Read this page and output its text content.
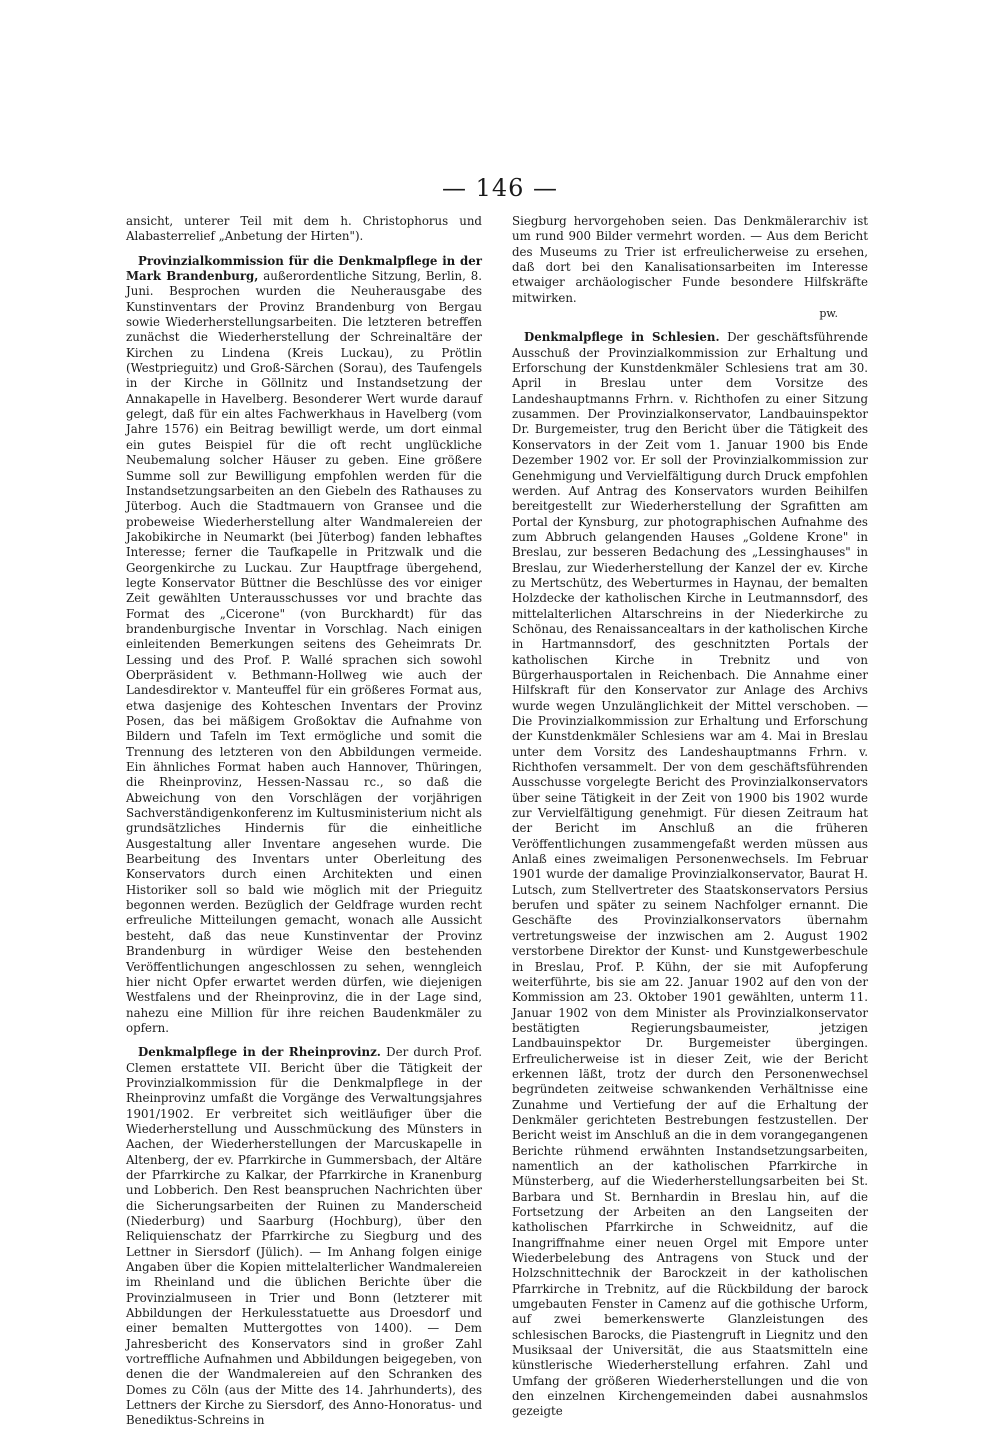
— 146 —

ansicht, unterer Teil mit dem h. Christophorus und Alabasterrelief „Anbetung der Hirten").

Provinzialkommission für die Denkmalpflege in der Mark Brandenburg, außerordentliche Sitzung, Berlin, 8. Juni. Besprochen wurden die Neuherausgabe des Kunstinventars der Provinz Brandenburg von Bergau sowie Wiederherstellungsarbeiten. Die letzteren betreffen zunächst die Wiederherstellung der Schreinaltäre der Kirchen zu Lindena (Kreis Luckau), zu Prötlin (Westprieguitz) und Groß-Särchen (Sorau), des Taufengels in der Kirche in Göllnitz und Instandsetzung der Annakapelle in Havelberg. Besonderer Wert wurde darauf gelegt, daß für ein altes Fachwerkhaus in Havelberg (vom Jahre 1576) ein Beitrag bewilligt werde, um dort einmal ein gutes Beispiel für die oft recht unglückliche Neubemalung solcher Häuser zu geben. Eine größere Summe soll zur Bewilligung empfohlen werden für die Instandsetzungsarbeiten an den Giebeln des Rathauses zu Jüterbog. Auch die Stadtmauern von Gransee und die probeweise Wiederherstellung alter Wandmalereien der Jakobikirche in Neumarkt (bei Jüterbog) fanden lebhaftes Interesse; ferner die Taufkapelle in Pritzwalk und die Georgenkirche zu Luckau. Zur Hauptfrage übergehend, legte Konservator Büttner die Beschlüsse des vor einiger Zeit gewählten Unterausschusses vor und brachte das Format des „Cicerone" (von Burckhardt) für das brandenburgische Inventar in Vorschlag. Nach einigen einleitenden Bemerkungen seitens des Geheimrats Dr. Lessing und des Prof. P. Wallé sprachen sich sowohl Oberpräsident v. Bethmann-Hollweg wie auch der Landesdirektor v. Manteuffel für ein größeres Format aus, etwa dasjenige des Kohteschen Inventars der Provinz Posen, das bei mäßigem Großoktav die Aufnahme von Bildern und Tafeln im Text ermögliche und somit die Trennung des letzteren von den Abbildungen vermeide. Ein ähnliches Format haben auch Hannover, Thüringen, die Rheinprovinz, Hessen-Nassau rc., so daß die Abweichung von den Vorschlägen der vorjährigen Sachverständigenkonferenz im Kultusministerium nicht als grundsätzliches Hindernis für die einheitliche Ausgestaltung aller Inventare angesehen wurde. Die Bearbeitung des Inventars unter Oberleitung des Konservators durch einen Architekten und einen Historiker soll so bald wie möglich mit der Prieguitz begonnen werden. Bezüglich der Geldfrage wurden recht erfreuliche Mitteilungen gemacht, wonach alle Aussicht besteht, daß das neue Kunstinventar der Provinz Brandenburg in würdiger Weise den bestehenden Veröffentlichungen angeschlossen zu sehen, wenngleich hier nicht Opfer erwartet werden dürfen, wie diejenigen Westfalens und der Rheinprovinz, die in der Lage sind, nahezu eine Million für ihre reichen Baudenkmäler zu opfern.

Denkmalpflege in der Rheinprovinz. Der durch Prof. Clemen erstattete VII. Bericht über die Tätigkeit der Provinzialkommission für die Denkmalpflege in der Rheinprovinz umfaßt die Vorgänge des Verwaltungsjahres 1901/1902. Er verbreitet sich weitläufiger über die Wiederherstellung und Ausschmückung des Münsters in Aachen, der Wiederherstellungen der Marcuskapelle in Altenberg, der ev. Pfarrkirche in Gummersbach, der Altäre der Pfarrkirche zu Kalkar, der Pfarrkirche in Kranenburg und Lobberich. Den Rest beanspruchen Nachrichten über die Sicherungsarbeiten der Ruinen zu Manderscheid (Niederburg) und Saarburg (Hochburg), über den Reliquienschatz der Pfarrkirche zu Siegburg und des Lettner in Siersdorf (Jülich). — Im Anhang folgen einige Angaben über die Kopien mittelalterlicher Wandmalereien im Rheinland und die üblichen Berichte über die Provinzialmuseen in Trier und Bonn (letzterer mit Abbildungen der Herkulesstatuette aus Droesdorf und einer bemalten Muttergottes von 1400). — Dem Jahresbericht des Konservators sind in großer Zahl vortreffliche Aufnahmen und Abbildungen beigegeben, von denen die der Wandmalereien auf den Schranken des Domes zu Cöln (aus der Mitte des 14. Jahrhunderts), des Lettners der Kirche zu Siersdorf, des Anno-Honoratus- und Benediktus-Schreins in

Siegburg hervorgehoben seien. Das Denkmälerarchiv ist um rund 900 Bilder vermehrt worden. — Aus dem Bericht des Museums zu Trier ist erfreulicherweise zu ersehen, daß dort bei den Kanalisationsarbeiten im Interesse etwaiger archäologischer Funde besondere Hilfskräfte mitwirken.

pw.

Denkmalpflege in Schlesien. Der geschäftsführende Ausschuß der Provinzialkommission zur Erhaltung und Erforschung der Kunstdenkmäler Schlesiens trat am 30. April in Breslau unter dem Vorsitze des Landeshauptmanns Frhrn. v. Richthofen zu einer Sitzung zusammen. Der Provinzialkonservator, Landbauinspektor Dr. Burgemeister, trug den Bericht über die Tätigkeit des Konservators in der Zeit vom 1. Januar 1900 bis Ende Dezember 1902 vor. Er soll der Provinzialkommission zur Genehmigung und Vervielfältigung durch Druck empfohlen werden. Auf Antrag des Konservators wurden Beihilfen bereitgestellt zur Wiederherstellung der Sgrafitten am Portal der Kynsburg, zur photographischen Aufnahme des zum Abbruch gelangenden Hauses „Goldene Krone" in Breslau, zur besseren Bedachung des „Lessinghauses" in Breslau, zur Wiederherstellung der Kanzel der ev. Kirche zu Mertschütz, des Weberturmes in Haynau, der bemalten Holzdecke der katholischen Kirche in Leutmannsdorf, des mittelalterlichen Altarschreins in der Niederkirche zu Schönau, des Renaissancealtars in der katholischen Kirche in Hartmannsdorf, des geschnitzten Portals der katholischen Kirche in Trebnitz und von Bürgerhausportalen in Reichenbach. Die Annahme einer Hilfskraft für den Konservator zur Anlage des Archivs wurde wegen Unzulänglichkeit der Mittel verschoben. — Die Provinzialkommission zur Erhaltung und Erforschung der Kunstdenkmäler Schlesiens war am 4. Mai in Breslau unter dem Vorsitz des Landeshauptmanns Frhrn. v. Richthofen versammelt. Der von dem geschäftsführenden Ausschusse vorgelegte Bericht des Provinzialkonservators über seine Tätigkeit in der Zeit von 1900 bis 1902 wurde zur Vervielfältigung genehmigt. Für diesen Zeitraum hat der Bericht im Anschluß an die früheren Veröffentlichungen zusammengefaßt werden müssen aus Anlaß eines zweimaligen Personenwechsels. Im Februar 1901 wurde der damalige Provinzialkonservator, Baurat H. Lutsch, zum Stellvertreter des Staatskonservators Persius berufen und später zu seinem Nachfolger ernannt. Die Geschäfte des Provinzialkonservators übernahm vertretungsweise der inzwischen am 2. August 1902 verstorbene Direktor der Kunst- und Kunstgewerbeschule in Breslau, Prof. P. Kühn, der sie mit Aufopferung weiterführte, bis sie am 22. Januar 1902 auf den von der Kommission am 23. Oktober 1901 gewählten, unterm 11. Januar 1902 von dem Minister als Provinzialkonservator bestätigten Regierungsbaumeister, jetzigen Landbauinspektor Dr. Burgemeister übergingen. Erfreulicherweise ist in dieser Zeit, wie der Bericht erkennen läßt, trotz der durch den Personenwechsel begründeten zeitweise schwankenden Verhältnisse eine Zunahme und Vertiefung der auf die Erhaltung der Denkmäler gerichteten Bestrebungen festzustellen. Der Bericht weist im Anschluß an die in dem vorangegangenen Berichte rühmend erwähnten Instandsetzungsarbeiten, namentlich an der katholischen Pfarrkirche in Münsterberg, auf die Wiederherstellungsarbeiten bei St. Barbara und St. Bernhardin in Breslau hin, auf die Fortsetzung der Arbeiten an den Langseiten der katholischen Pfarrkirche in Schweidnitz, auf die Inangriffnahme einer neuen Orgel mit Empore unter Wiederbelebung des Antragens von Stuck und der Holzschnittechnik der Barockzeit in der katholischen Pfarrkirche in Trebnitz, auf die Rückbildung der barock umgebauten Fenster in Camenz auf die gothische Urform, auf zwei bemerkenswerte Glanzleistungen des schlesischen Barocks, die Piastengruft in Liegnitz und den Musiksaal der Universität, die aus Staatsmitteln eine künstlerische Wiederherstellung erfahren. Zahl und Umfang der größeren Wiederherstellungen und die von den einzelnen Kirchengemeinden dabei ausnahmslos gezeigte
